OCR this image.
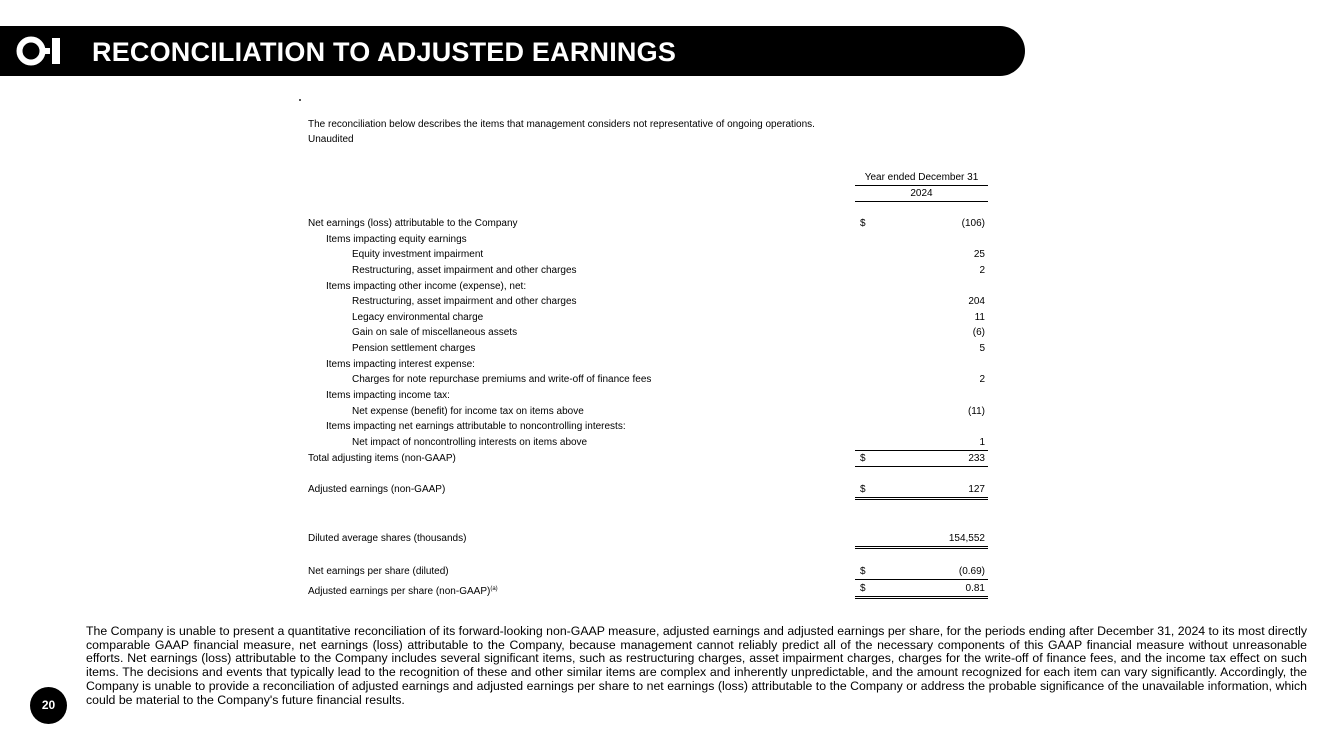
RECONCILIATION TO ADJUSTED EARNINGS
The reconciliation below describes the items that management considers not representative of ongoing operations.
Unaudited
Year ended December 31
2024
Net earnings (loss) attributable to the Company	$	(106)
Items impacting equity earnings
Equity investment impairment	25
Restructuring, asset impairment and other charges	2
Items impacting other income (expense), net:
Restructuring, asset impairment and other charges	204
Legacy environmental charge	11
Gain on sale of miscellaneous assets	(6)
Pension settlement charges	5
Items impacting interest expense:
Charges for note repurchase premiums and write-off of finance fees	2
Items impacting income tax:
Net expense (benefit) for income tax on items above	(11)
Items impacting net earnings attributable to noncontrolling interests:
Net impact of noncontrolling interests on items above	1
Total adjusting items (non-GAAP)	$	233
Adjusted earnings (non-GAAP)	$	127
Diluted average shares (thousands)	154,552
Net earnings per share (diluted)	$	(0.69)
Adjusted earnings per share (non-GAAP)$^{(a)}$	$	0.81
The Company is unable to present a quantitative reconciliation of its forward-looking non-GAAP measure, adjusted earnings and adjusted earnings per share, for the periods ending after December 31, 2024 to its most directly comparable GAAP financial measure, net earnings (loss) attributable to the Company, because management cannot reliably predict all of the necessary components of this GAAP financial measure without unreasonable efforts. Net earnings (loss) attributable to the Company includes several significant items, such as restructuring charges, asset impairment charges, charges for the write-off of finance fees, and the income tax effect on such items. The decisions and events that typically lead to the recognition of these and other similar items are complex and inherently unpredictable, and the amount recognized for each item can vary significantly. Accordingly, the Company is unable to provide a reconciliation of adjusted earnings and adjusted earnings per share to net earnings (loss) attributable to the Company or address the probable significance of the unavailable information, which could be material to the Company's future financial results.
20
